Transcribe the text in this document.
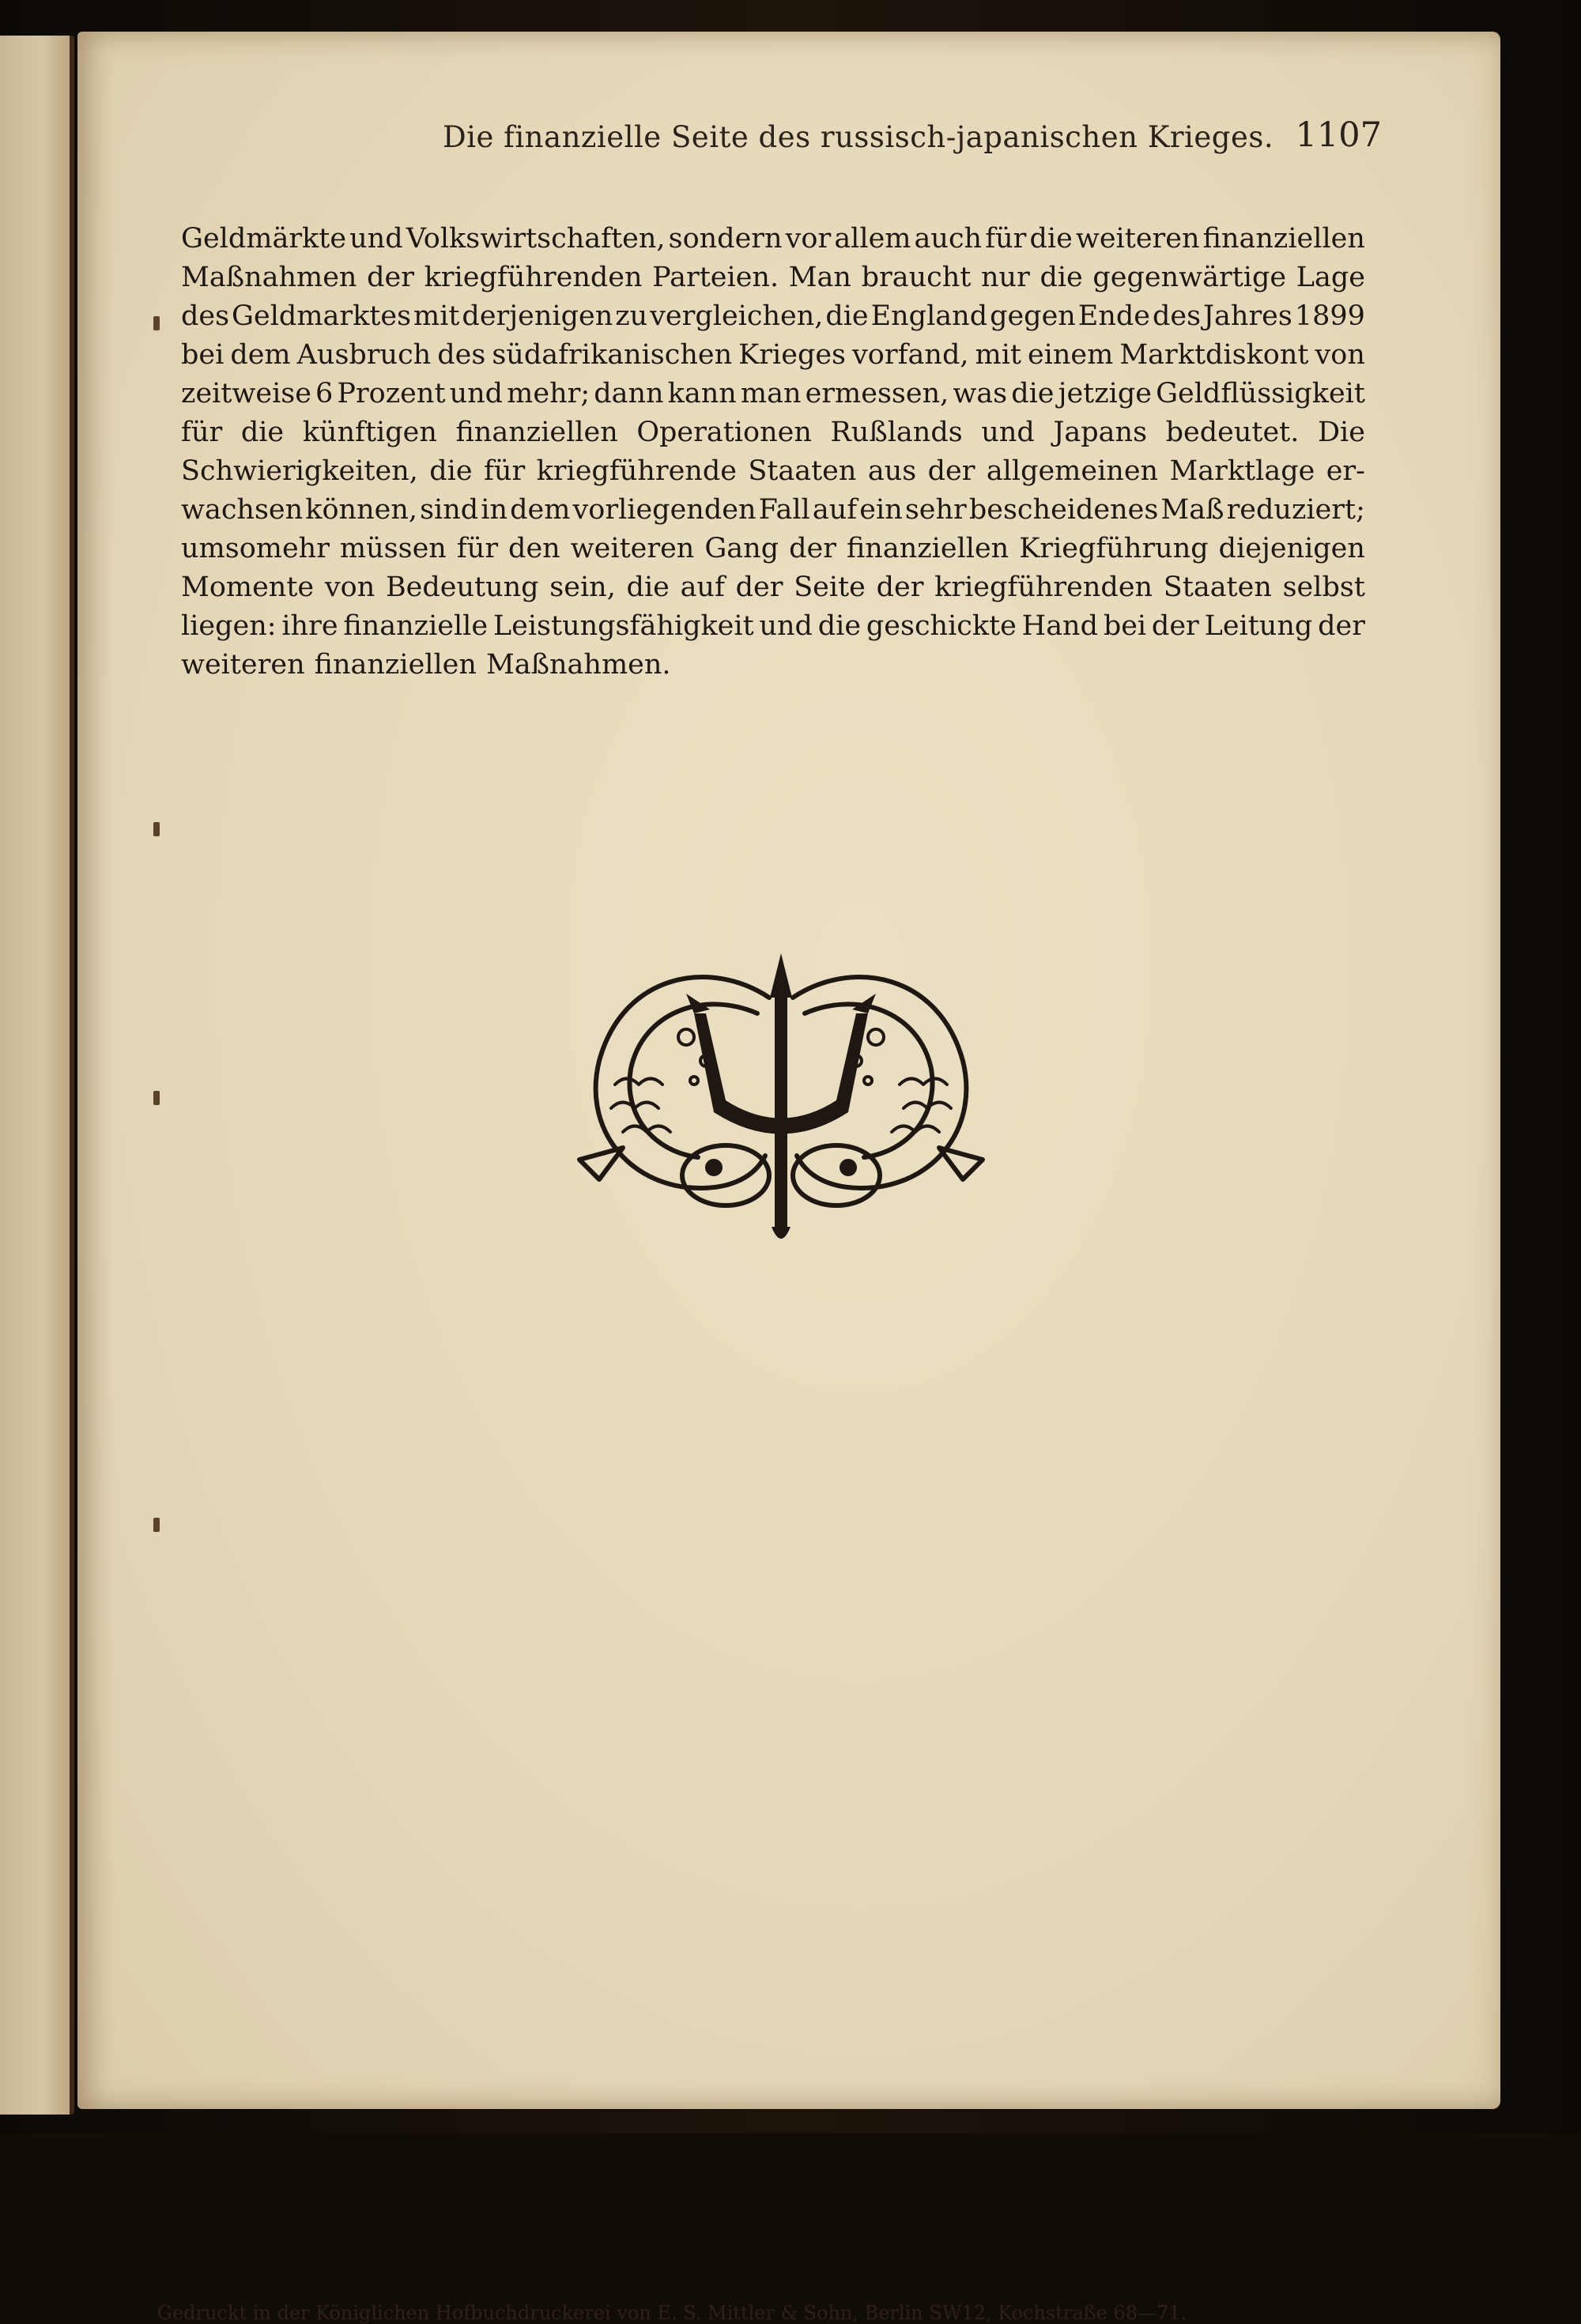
Die finanzielle Seite des russisch-japanischen Krieges. 1107
Geldmärkte und Volkswirtschaften, sondern vor allem auch für die weiteren finanziellen
Maßnahmen der kriegführenden Parteien. Man braucht nur die gegenwärtige Lage
des Geldmarktes mit derjenigen zu vergleichen, die England gegen Ende des Jahres 1899
bei dem Ausbruch des südafrikanischen Krieges vorfand, mit einem Marktdiskont von
zeitweise 6 Prozent und mehr; dann kann man ermessen, was die jetzige Geldflüssigkeit
für die künftigen finanziellen Operationen Rußlands und Japans bedeutet. Die
Schwierigkeiten, die für kriegführende Staaten aus der allgemeinen Marktlage er-
wachsen können, sind in dem vorliegenden Fall auf ein sehr bescheidenes Maß reduziert;
umsomehr müssen für den weiteren Gang der finanziellen Kriegführung diejenigen
Momente von Bedeutung sein, die auf der Seite der kriegführenden Staaten selbst
liegen: ihre finanzielle Leistungsfähigkeit und die geschickte Hand bei der Leitung der
weiteren finanziellen Maßnahmen.
Gedruckt in der Königlichen Hofbuchdruckerei von E. S. Mittler & Sohn, Berlin SW12, Kochstraße 68—71.
